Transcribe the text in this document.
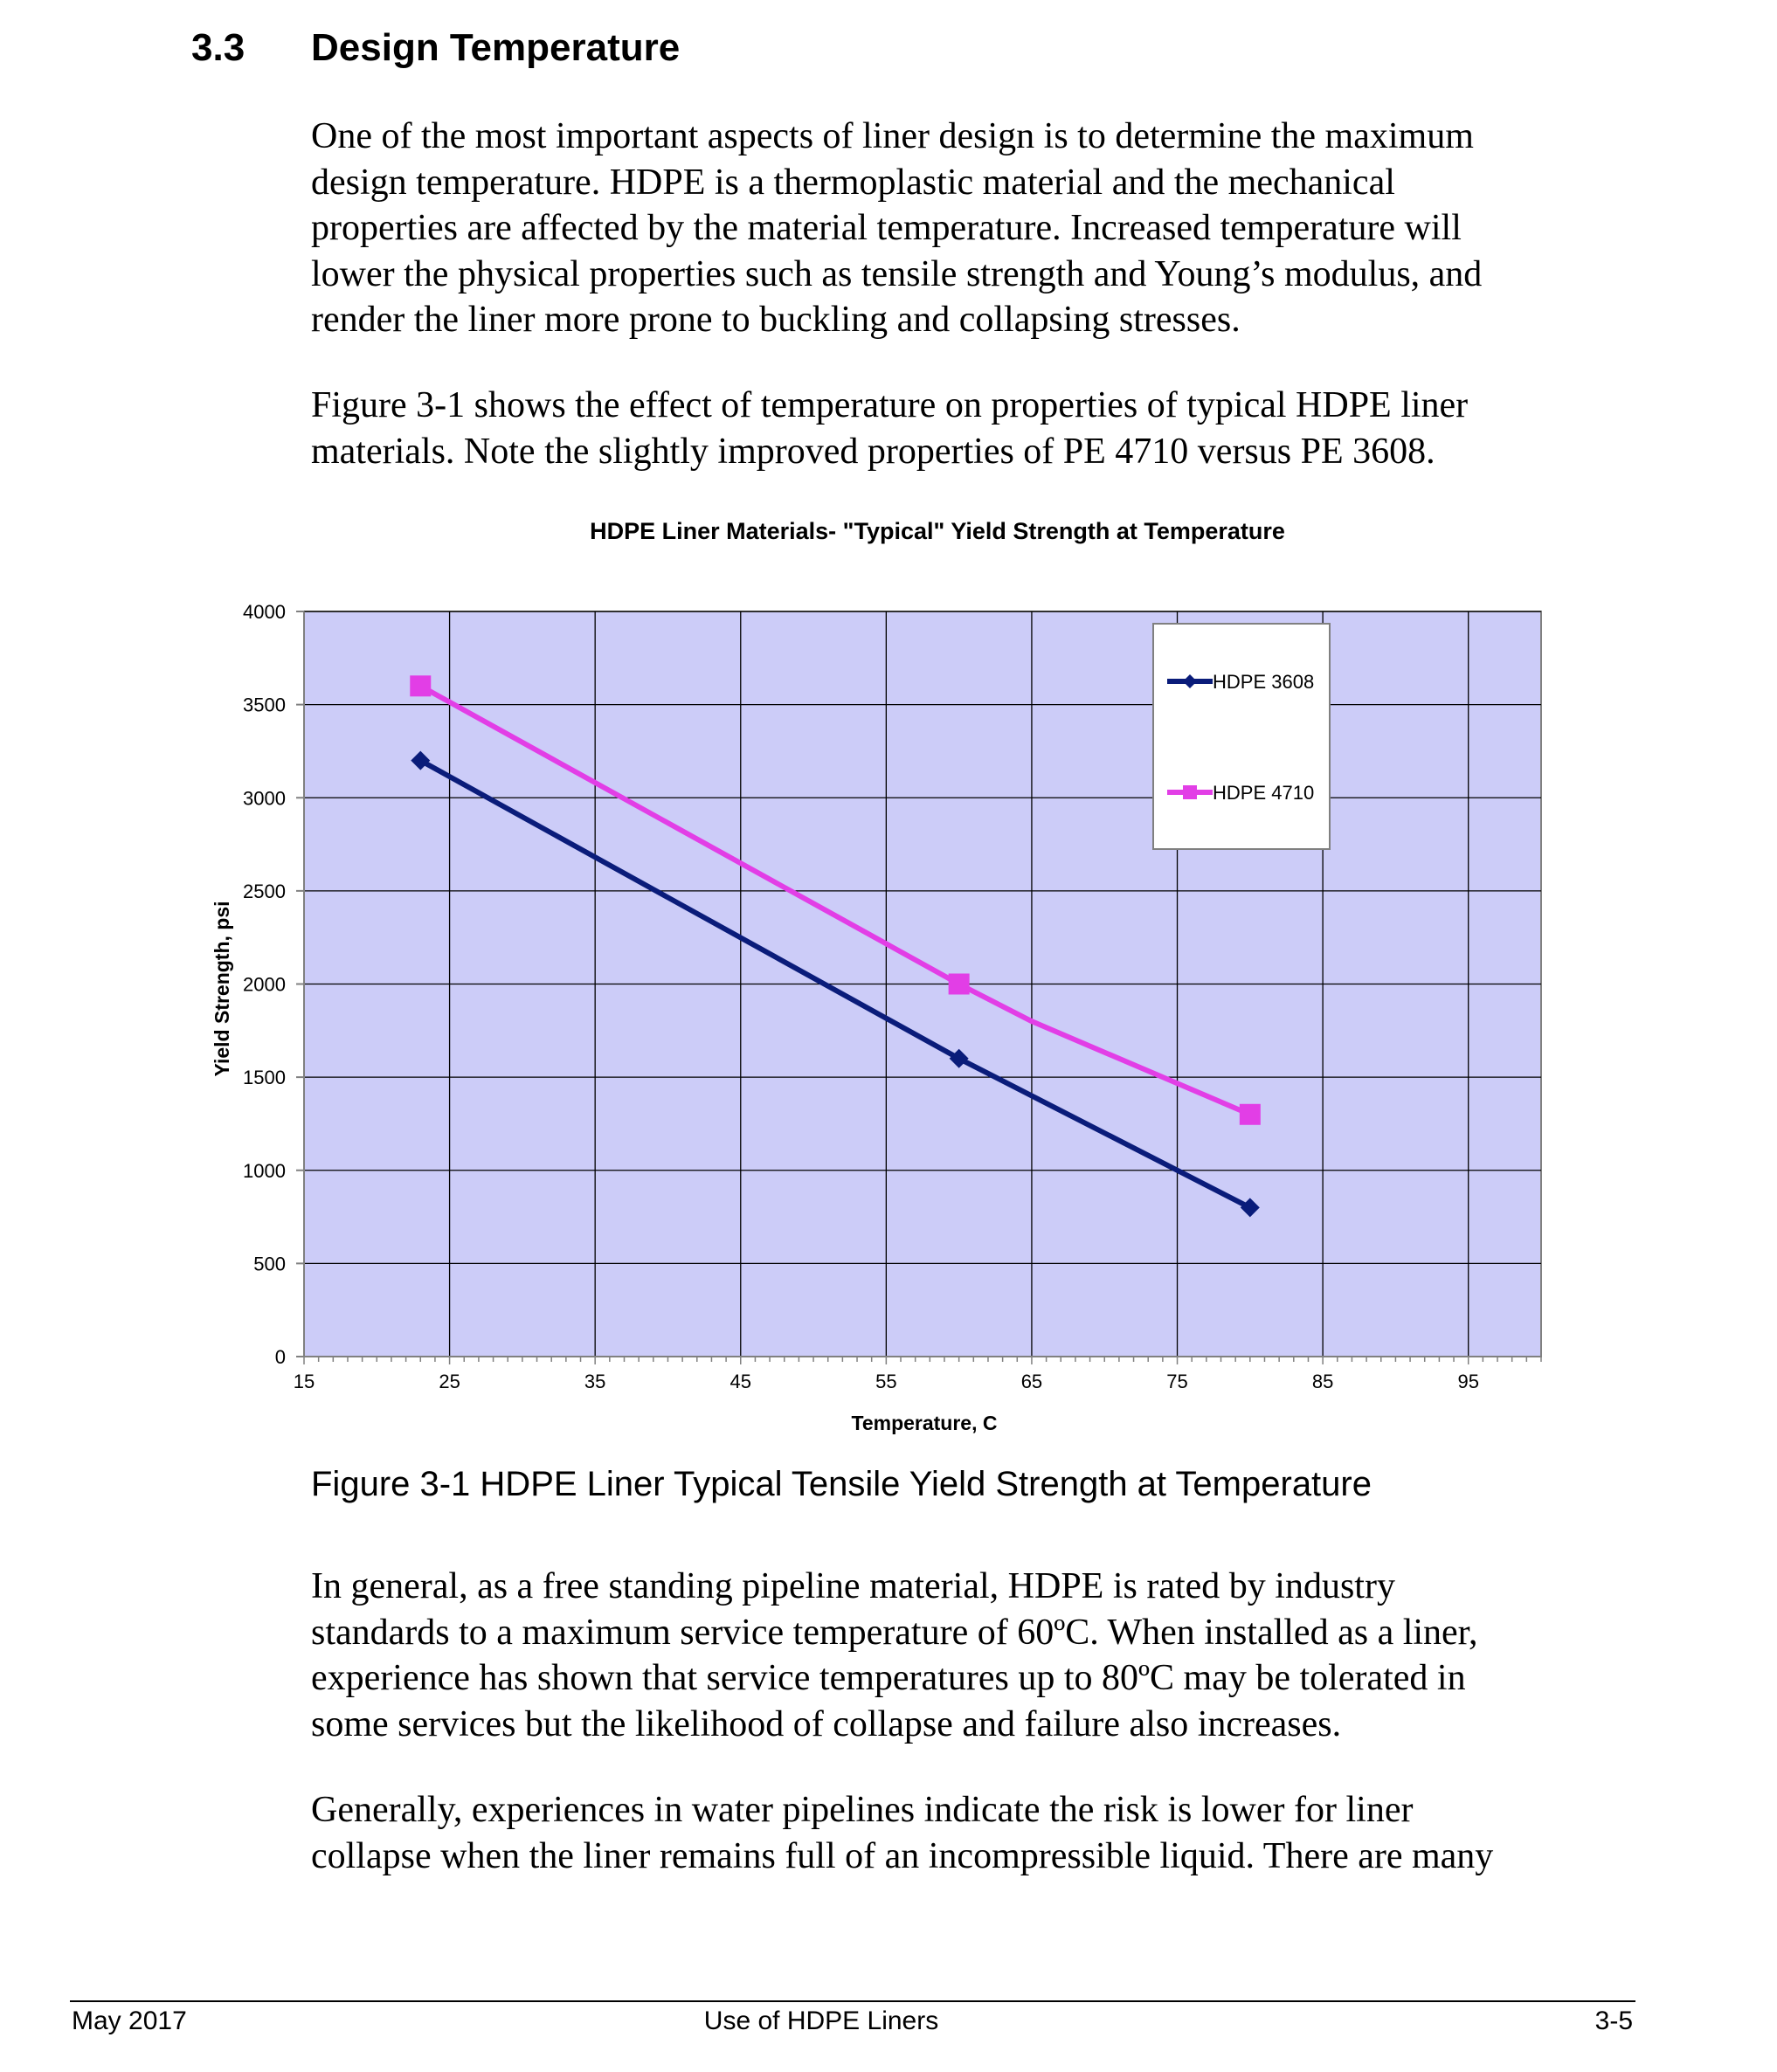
3.3 Design Temperature
One of the most important aspects of liner design is to determine the maximum
design temperature. HDPE is a thermoplastic material and the mechanical
properties are affected by the material temperature. Increased temperature will
lower the physical properties such as tensile strength and Young’s modulus, and
render the liner more prone to buckling and collapsing stresses.
Figure 3-1 shows the effect of temperature on properties of typical HDPE liner
materials. Note the slightly improved properties of PE 4710 versus PE 3608.
HDPE Liner Materials- "Typical" Yield Strength at Temperature
0
500
1000
1500
2000
2500
3000
3500
4000
15	25	35	45	55	65	75	85	95
Temperature, C
Yield Strength, psi
HDPE 3608
HDPE 4710
Figure 3-1 HDPE Liner Typical Tensile Yield Strength at Temperature
In general, as a free standing pipeline material, HDPE is rated by industry
standards to a maximum service temperature of 60ºC. When installed as a liner,
experience has shown that service temperatures up to 80ºC may be tolerated in
some services but the likelihood of collapse and failure also increases.
Generally, experiences in water pipelines indicate the risk is lower for liner
collapse when the liner remains full of an incompressible liquid. There are many
May 2017	Use of HDPE Liners	3-5
